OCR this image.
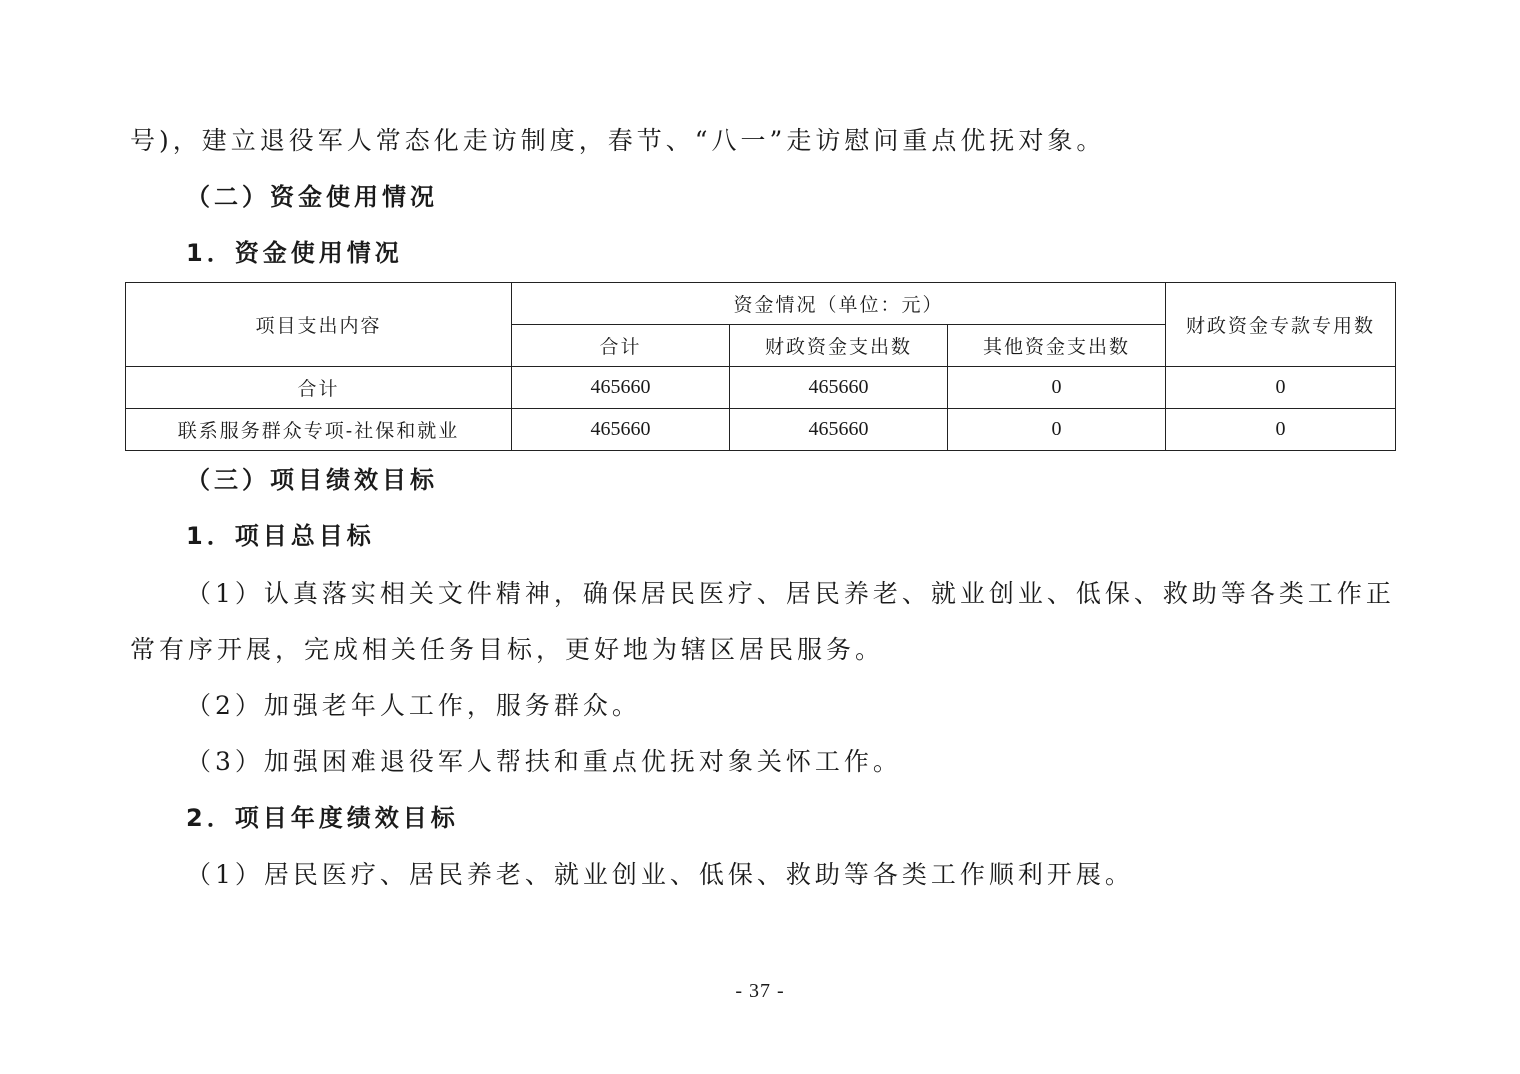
号)，建立退役军人常态化走访制度，春节、“八一”走访慰问重点优抚对象。
（二）资金使用情况
1．资金使用情况
项目支出内容	资金情况（单位：元）			财政资金专款专用数
	合计	财政资金支出数	其他资金支出数	
合计	465660	465660	0	0
联系服务群众专项-社保和就业	465660	465660	0	0
（三）项目绩效目标
1．项目总目标
（1）认真落实相关文件精神，确保居民医疗、居民养老、就业创业、低保、救助等各类工作正
常有序开展，完成相关任务目标，更好地为辖区居民服务。
（2）加强老年人工作，服务群众。
（3）加强困难退役军人帮扶和重点优抚对象关怀工作。
2．项目年度绩效目标
（1）居民医疗、居民养老、就业创业、低保、救助等各类工作顺利开展。
- 37 -
